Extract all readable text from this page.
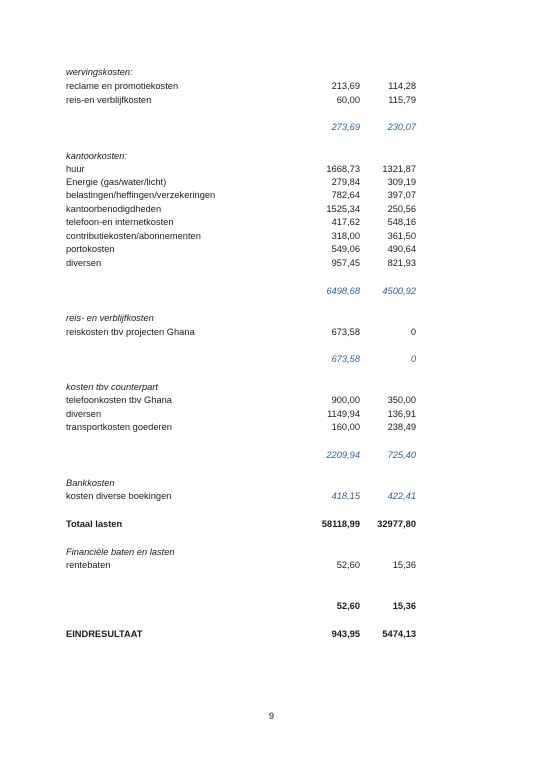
wervingskosten:
reclame en promotiekosten	213,69	114,28
reis-en verblijfkosten	60,00	115,79
273,69	230,07
kantoorkosten:
huur	1668,73 1321,87
Energie (gas/water/licht)	279,84	309,19
belastingen/heffingen/verzekeringen	782,64	397,07
kantoorbenodigdheden	1525,34	250,56
telefoon-en internetkosten	417,62	548,16
contributiekosten/abonnementen	318,00	361,50
portokosten	549,06	490,64
diversen	957,45	821,93
6498,68 4500,92
reis- en verblijfkosten
reiskosten tbv projecten Ghana	673,58	0
673,58	0
kosten tbv counterpart
telefoonkosten tbv Ghana	900,00	350,00
diversen	1149,94	136,91
transportkosten goederen	160,00	238,49
2209,94	725,40
Bankkosten
kosten diverse boekingen	418,15	422,41
Totaal lasten	58118,99 32977,80
Financiële baten en lasten
rentebaten	52,60	15,36
52,60	15,36
EINDRESULTAAT	943,95 5474,13
9
